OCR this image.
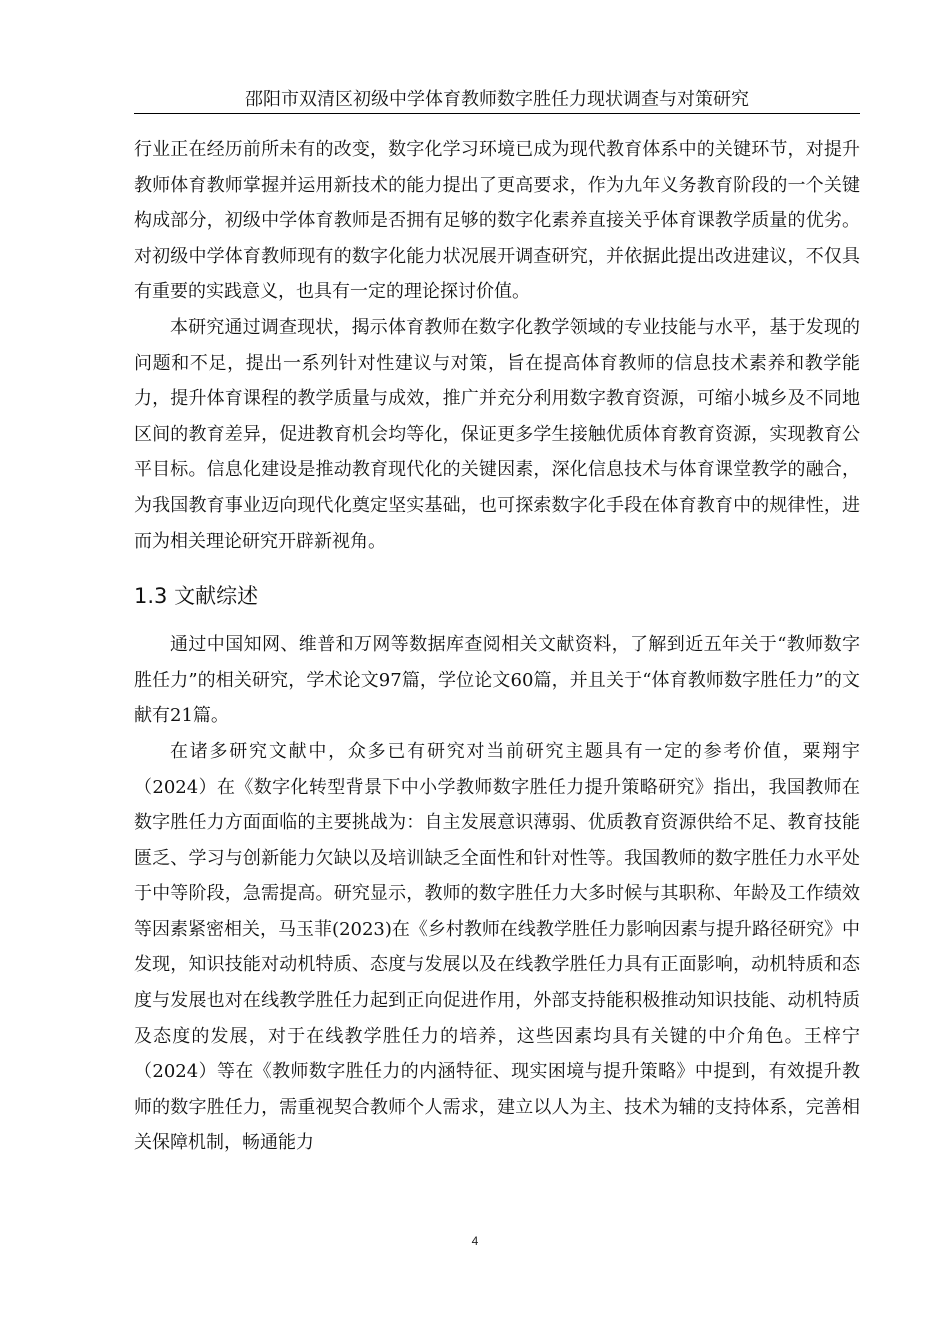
邵阳市双清区初级中学体育教师数字胜任力现状调查与对策研究

行业正在经历前所未有的改变，数字化学习环境已成为现代教育体系中的关键环节，对提升教师体育教师掌握并运用新技术的能力提出了更高要求，作为九年义务教育阶段的一个关键构成部分，初级中学体育教师是否拥有足够的数字化素养直接关乎体育课教学质量的优劣。对初级中学体育教师现有的数字化能力状况展开调查研究，并依据此提出改进建议，不仅具有重要的实践意义，也具有一定的理论探讨价值。

本研究通过调查现状，揭示体育教师在数字化教学领域的专业技能与水平，基于发现的问题和不足，提出一系列针对性建议与对策，旨在提高体育教师的信息技术素养和教学能力，提升体育课程的教学质量与成效，推广并充分利用数字教育资源，可缩小城乡及不同地区间的教育差异，促进教育机会均等化，保证更多学生接触优质体育教育资源，实现教育公平目标。信息化建设是推动教育现代化的关键因素，深化信息技术与体育课堂教学的融合，为我国教育事业迈向现代化奠定坚实基础，也可探索数字化手段在体育教育中的规律性，进而为相关理论研究开辟新视角。

1.3 文献综述

通过中国知网、维普和万网等数据库查阅相关文献资料，了解到近五年关于“教师数字胜任力”的相关研究，学术论文97篇，学位论文60篇，并且关于“体育教师数字胜任力”的文献有21篇。

在诸多研究文献中，众多已有研究对当前研究主题具有一定的参考价值，粟翔宇（2024）在《数字化转型背景下中小学教师数字胜任力提升策略研究》指出，我国教师在数字胜任力方面面临的主要挑战为：自主发展意识薄弱、优质教育资源供给不足、教育技能匮乏、学习与创新能力欠缺以及培训缺乏全面性和针对性等。我国教师的数字胜任力水平处于中等阶段，急需提高。研究显示，教师的数字胜任力大多时候与其职称、年龄及工作绩效等因素紧密相关，马玉菲(2023)在《乡村教师在线教学胜任力影响因素与提升路径研究》中发现，知识技能对动机特质、态度与发展以及在线教学胜任力具有正面影响，动机特质和态度与发展也对在线教学胜任力起到正向促进作用，外部支持能积极推动知识技能、动机特质及态度的发展，对于在线教学胜任力的培养，这些因素均具有关键的中介角色。王梓宁（2024）等在《教师数字胜任力的内涵特征、现实困境与提升策略》中提到，有效提升教师的数字胜任力，需重视契合教师个人需求，建立以人为主、技术为辅的支持体系，完善相关保障机制，畅通能力

4
